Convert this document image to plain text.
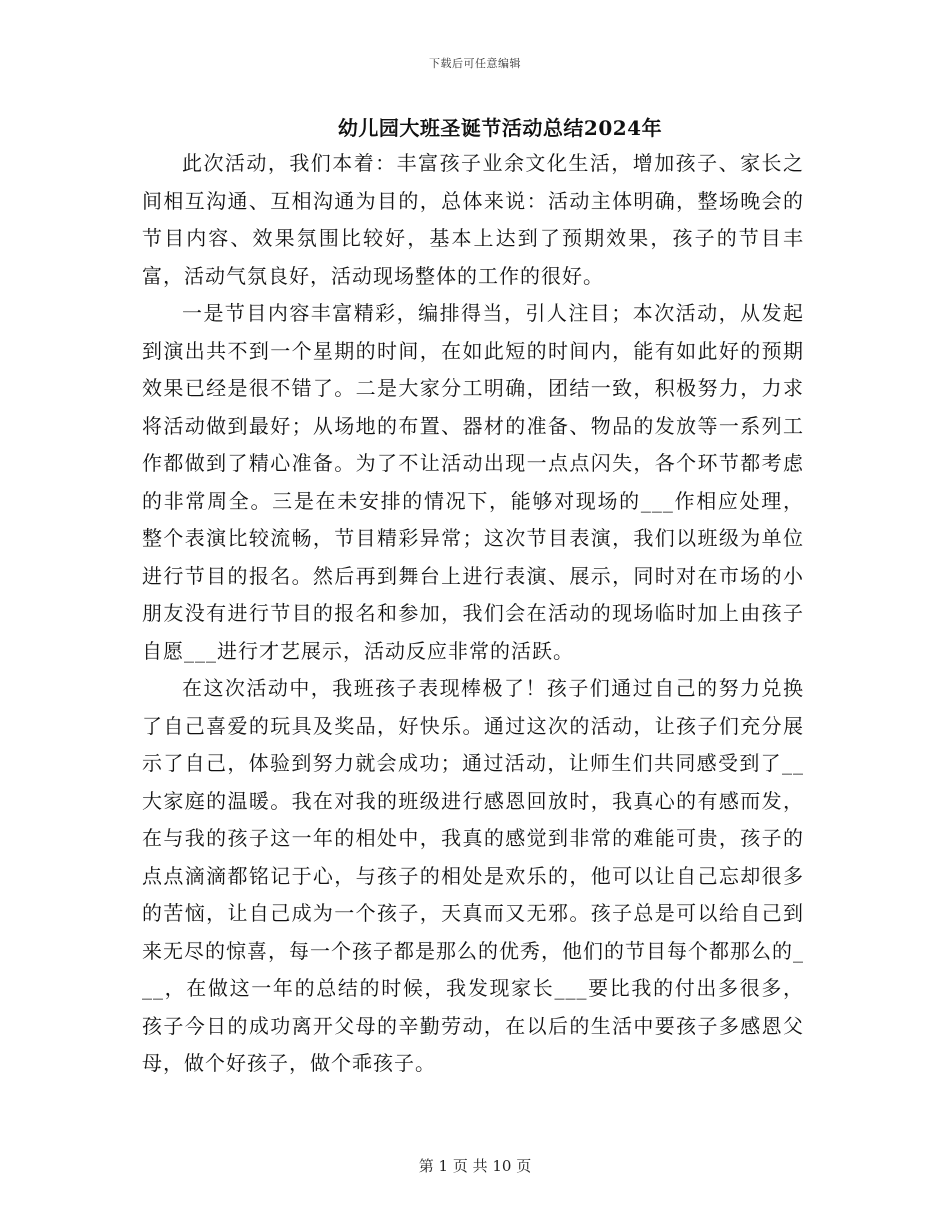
下载后可任意编辑
幼儿园大班圣诞节活动总结2024年

此次活动，我们本着：丰富孩子业余文化生活，增加孩子、家长之间相互沟通、互相沟通为目的，总体来说：活动主体明确，整场晚会的节目内容、效果氛围比较好，基本上达到了预期效果，孩子的节目丰富，活动气氛良好，活动现场整体的工作的很好。

一是节目内容丰富精彩，编排得当，引人注目；本次活动，从发起到演出共不到一个星期的时间，在如此短的时间内，能有如此好的预期效果已经是很不错了。二是大家分工明确，团结一致，积极努力，力求将活动做到最好；从场地的布置、器材的准备、物品的发放等一系列工作都做到了精心准备。为了不让活动出现一点点闪失，各个环节都考虑的非常周全。三是在未安排的情况下，能够对现场的___作相应处理，整个表演比较流畅，节目精彩异常；这次节目表演，我们以班级为单位进行节目的报名。然后再到舞台上进行表演、展示，同时对在市场的小朋友没有进行节目的报名和参加，我们会在活动的现场临时加上由孩子自愿___进行才艺展示，活动反应非常的活跃。

在这次活动中，我班孩子表现棒极了！孩子们通过自己的努力兑换了自己喜爱的玩具及奖品，好快乐。通过这次的活动，让孩子们充分展示了自己，体验到努力就会成功；通过活动，让师生们共同感受到了__大家庭的温暖。我在对我的班级进行感恩回放时，我真心的有感而发，在与我的孩子这一年的相处中，我真的感觉到非常的难能可贵，孩子的点点滴滴都铭记于心，与孩子的相处是欢乐的，他可以让自己忘却很多的苦恼，让自己成为一个孩子，天真而又无邪。孩子总是可以给自己到来无尽的惊喜，每一个孩子都是那么的优秀，他们的节目每个都那么的___，在做这一年的总结的时候，我发现家长___要比我的付出多很多，孩子今日的成功离开父母的辛勤劳动，在以后的生活中要孩子多感恩父母，做个好孩子，做个乖孩子。

第 1 页 共 10 页
